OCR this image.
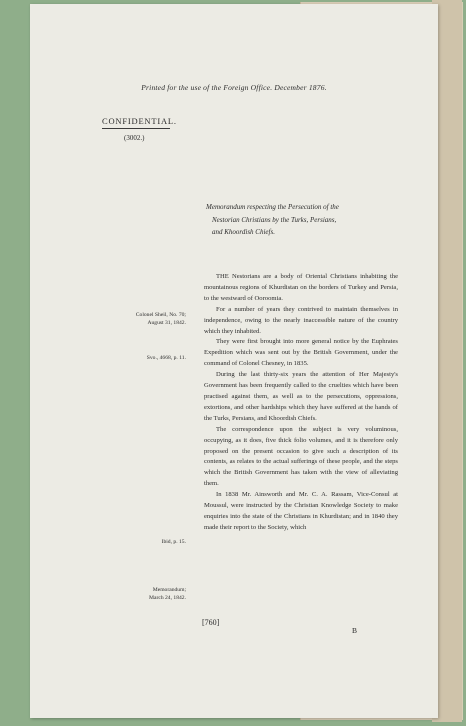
Printed for the use of the Foreign Office. December 1876.
CONFIDENTIAL.
(3002.)
Memorandum respecting the Persecution of the
Nestorian Christians by the Turks, Persians,
and Khoordish Chiefs.
Colonel Sheil, No. 70;
August 31, 1842.
Svo., 4668, p. 11.
Ibid, p. 15.
Memorandum;
March 24, 1842.

THE Nestorians are a body of Oriental Christians inhabiting the mountainous regions of Khurdistan on the borders of Turkey and Persia, to the westward of Ooroomia.

For a number of years they contrived to maintain themselves in independence, owing to the nearly inaccessible nature of the country which they inhabited.

They were first brought into more general notice by the Euphrates Expedition which was sent out by the British Government, under the command of Colonel Chesney, in 1835.

During the last thirty-six years the attention of Her Majesty's Government has been frequently called to the cruelties which have been practised against them, as well as to the persecutions, oppressions, extortions, and other hardships which they have suffered at the hands of the Turks, Persians, and Khoordish Chiefs.

The correspondence upon the subject is very voluminous, occupying, as it does, five thick folio volumes, and it is therefore only proposed on the present occasion to give such a description of its contents, as relates to the actual sufferings of these people, and the steps which the British Government has taken with the view of alleviating them.

In 1838 Mr. Ainsworth and Mr. C. A. Rassam, Vice-Consul at Moussul, were instructed by the Christian Knowledge Society to make enquiries into the state of the Christians in Khurdistan; and in 1840 they made their report to the Society, which

[760]
B
